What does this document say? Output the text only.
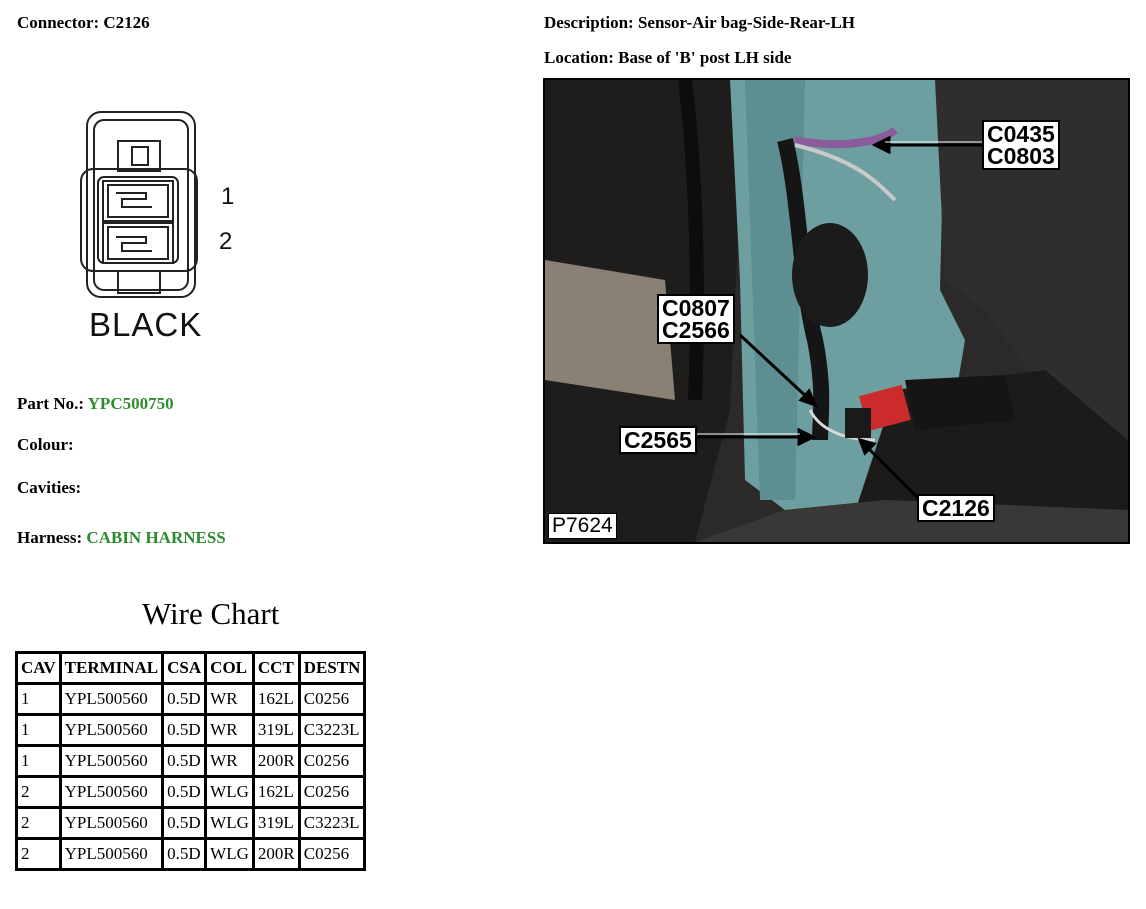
Connector: C2126	Description: Sensor-Air bag-Side-Rear-LH
Location: Base of 'B' post LH side
1
2
BLACK
Part No.: YPC500750
Colour:
Cavities:
Harness: CABIN HARNESS
Wire Chart
CAV	TERMINAL	CSA	COL	CCT	DESTN
1	YPL500560	0.5D	WR	162L	C0256
1	YPL500560	0.5D	WR	319L	C3223L
1	YPL500560	0.5D	WR	200R	C0256
2	YPL500560	0.5D	WLG	162L	C0256
2	YPL500560	0.5D	WLG	319L	C3223L
2	YPL500560	0.5D	WLG	200R	C0256
C0435
C0803
C0807
C2566
C2565
C2126
P7624
